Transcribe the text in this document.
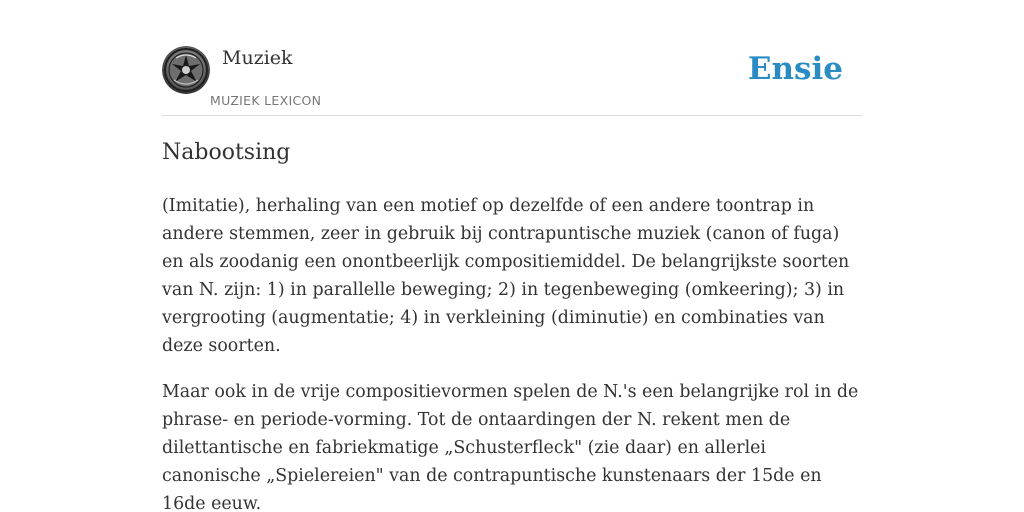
Muziek
MUZIEK LEXICON
Ensie
Nabootsing

(Imitatie), herhaling van een motief op dezelfde of een andere toontrap in andere stemmen, zeer in gebruik bij contrapuntische muziek (canon of fuga) en als zoodanig een onontbeerlijk compositiemiddel. De belangrijkste soorten van N. zijn: 1) in parallelle beweging; 2) in tegenbeweging (omkeering); 3) in vergrooting (augmentatie; 4) in verkleining (diminutie) en combinaties van deze soorten.

Maar ook in de vrije compositievormen spelen de N.'s een belangrijke rol in de phrase- en periode-vorming. Tot de ontaardingen der N. rekent men de dilettantische en fabriekmatige „Schusterfleck" (zie daar) en allerlei canonische „Spielereien" van de contrapuntische kunstenaars der 15de en 16de eeuw.
